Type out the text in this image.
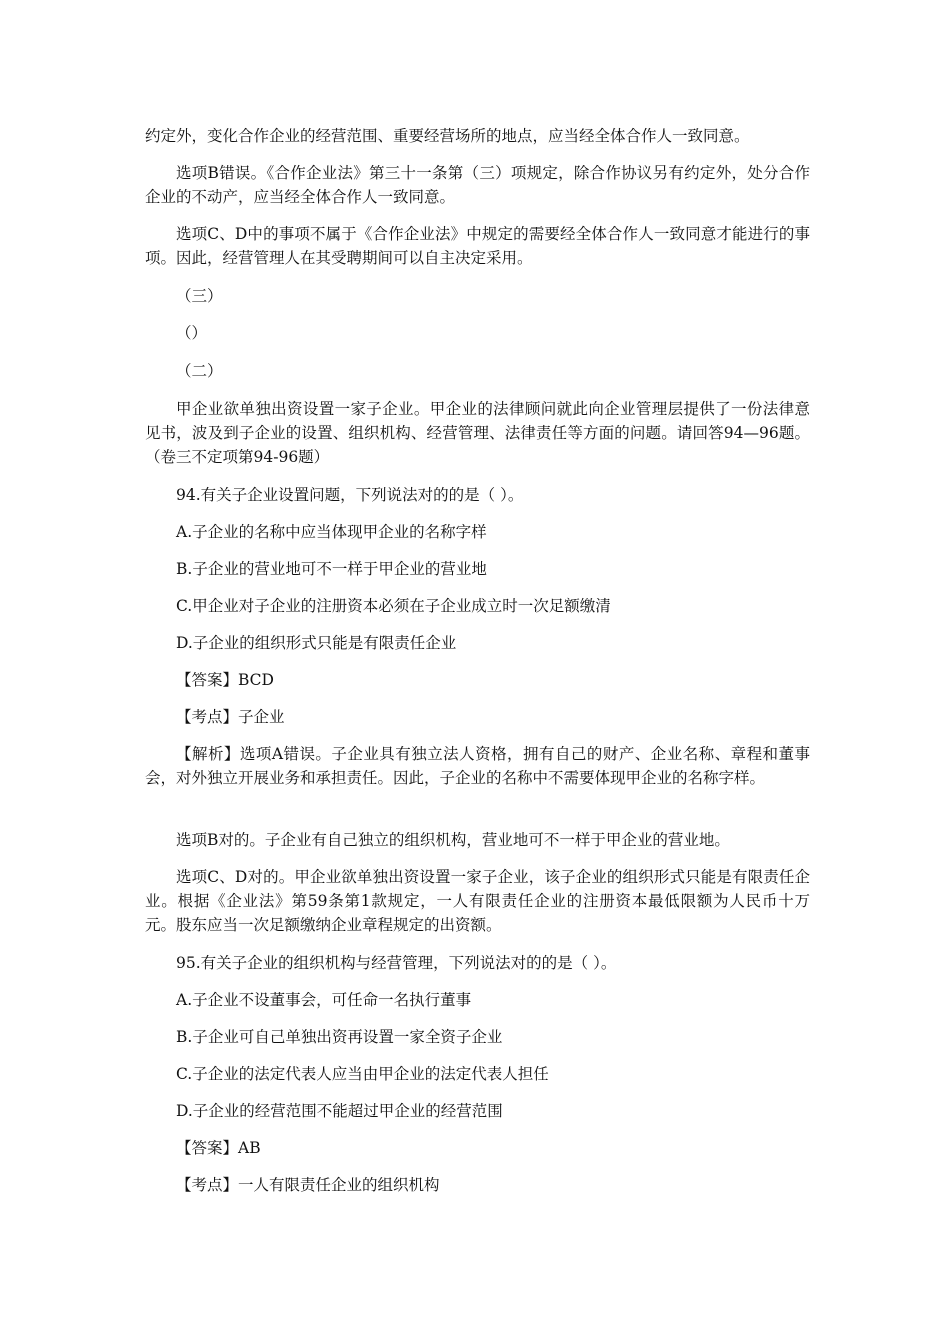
约定外，变化合作企业的经营范围、重要经营场所的地点，应当经全体合作人一致同意。

选项B错误。《合作企业法》第三十一条第（三）项规定，除合作协议另有约定外，处分合作企业的不动产，应当经全体合作人一致同意。

选项C、D中的事项不属于《合作企业法》中规定的需要经全体合作人一致同意才能进行的事项。因此，经营管理人在其受聘期间可以自主决定采用。

（三）

（）

（二）

甲企业欲单独出资设置一家子企业。甲企业的法律顾问就此向企业管理层提供了一份法律意见书，波及到子企业的设置、组织机构、经营管理、法律责任等方面的问题。请回答94—96题。（卷三不定项第94-96题）

94.有关子企业设置问题，下列说法对的的是（ ）。

A.子企业的名称中应当体现甲企业的名称字样

B.子企业的营业地可不一样于甲企业的营业地

C.甲企业对子企业的注册资本必须在子企业成立时一次足额缴清

D.子企业的组织形式只能是有限责任企业

【答案】BCD

【考点】子企业

【解析】选项A错误。子企业具有独立法人资格，拥有自己的财产、企业名称、章程和董事会，对外独立开展业务和承担责任。因此，子企业的名称中不需要体现甲企业的名称字样。

选项B对的。子企业有自己独立的组织机构，营业地可不一样于甲企业的营业地。

选项C、D对的。甲企业欲单独出资设置一家子企业，该子企业的组织形式只能是有限责任企业。根据《企业法》第59条第1款规定，一人有限责任企业的注册资本最低限额为人民币十万元。股东应当一次足额缴纳企业章程规定的出资额。

95.有关子企业的组织机构与经营管理，下列说法对的的是（ ）。

A.子企业不设董事会，可任命一名执行董事

B.子企业可自己单独出资再设置一家全资子企业

C.子企业的法定代表人应当由甲企业的法定代表人担任

D.子企业的经营范围不能超过甲企业的经营范围

【答案】AB

【考点】一人有限责任企业的组织机构
